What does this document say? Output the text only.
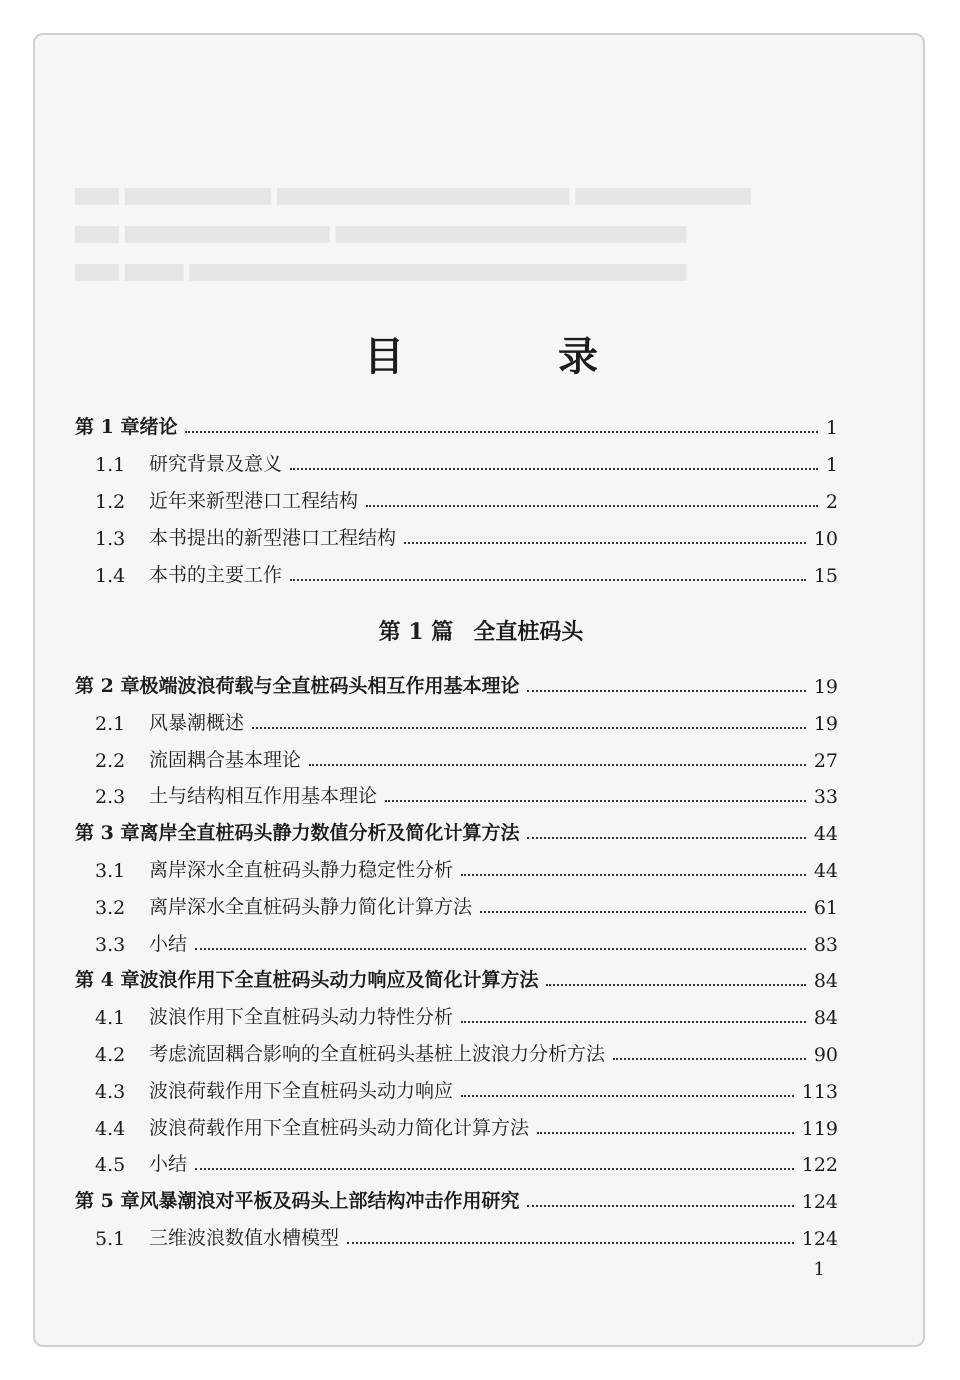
▆▆▆ ▆▆▆▆▆▆▆▆▆▆ ▆▆▆▆▆▆▆▆▆▆▆▆▆▆▆▆▆▆▆▆ ▆▆▆▆▆▆▆▆▆▆▆▆
▆▆▆ ▆▆▆▆▆▆▆▆▆▆▆▆▆▆ ▆▆▆▆▆▆▆▆▆▆▆▆▆▆▆▆▆▆▆▆▆▆▆▆
▆▆▆ ▆▆▆▆ ▆▆▆▆▆▆▆▆▆▆▆▆▆▆▆▆▆▆▆▆▆▆▆▆▆▆▆▆▆▆▆▆▆▆
目 录
第 1 章 绪论	1
1.1	研究背景及意义	1
1.2	近年来新型港口工程结构	2
1.3	本书提出的新型港口工程结构	10
1.4	本书的主要工作	15
第 1 篇 全直桩码头
第 2 章 极端波浪荷载与全直桩码头相互作用基本理论	19
2.1	风暴潮概述	19
2.2	流固耦合基本理论	27
2.3	土与结构相互作用基本理论	33
第 3 章 离岸全直桩码头静力数值分析及简化计算方法	44
3.1	离岸深水全直桩码头静力稳定性分析	44
3.2	离岸深水全直桩码头静力简化计算方法	61
3.3	小结	83
第 4 章 波浪作用下全直桩码头动力响应及简化计算方法	84
4.1	波浪作用下全直桩码头动力特性分析	84
4.2	考虑流固耦合影响的全直桩码头基桩上波浪力分析方法	90
4.3	波浪荷载作用下全直桩码头动力响应	113
4.4	波浪荷载作用下全直桩码头动力简化计算方法	119
4.5	小结	122
第 5 章 风暴潮浪对平板及码头上部结构冲击作用研究	124
5.1	三维波浪数值水槽模型	124
1
